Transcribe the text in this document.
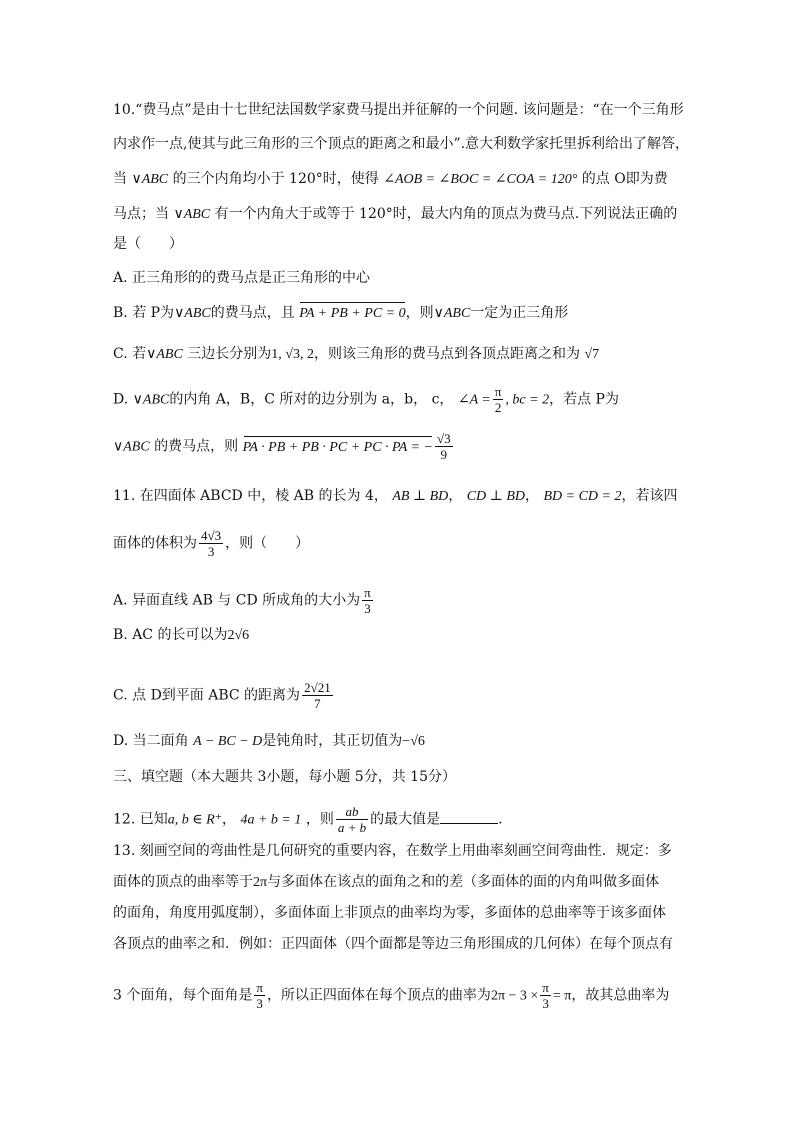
10.“费马点”是由十七世纪法国数学家费马提出并征解的一个问题. 该问题是：“在一个三角形
内求作一点,使其与此三角形的三个顶点的距离之和最小”.意大利数学家托里拆利给出了解答，
当 ∨ABC 的三个内角均小于 120°时，使得 ∠AOB = ∠BOC = ∠COA = 120° 的点 O即为费
马点；当 ∨ABC 有一个内角大于或等于 120°时，最大内角的顶点为费马点.下列说法正确的
是（　　）
A. 正三角形的的费马点是正三角形的中心
B. 若 P为∨ABC的费马点，且 PA + PB + PC = 0，则∨ABC一定为正三角形
C. 若∨ABC 三边长分别为1, √3, 2，则该三角形的费马点到各顶点距离之和为 √7
D. ∨ABC的内角 A，B，C 所对的边分别为 a，b， c， ∠A = $\frac{\pi}{2}$ , bc = 2，若点 P为
∨ABC 的费马点，则 PA · PB + PB · PC + PC · PA = − $\frac{√3}{9}$
11. 在四面体 ABCD 中，棱 AB 的长为 4， AB ⊥ BD， CD ⊥ BD， BD = CD = 2，若该四
面体的体积为 $\frac{4√3}{3}$ ，则（　　）
A. 异面直线 AB 与 CD 所成角的大小为 $\frac{\pi}{3}$
B. AC 的长可以为2√6
C. 点 D到平面 ABC 的距离为 $\frac{2√21}{7}$
D. 当二面角 A − BC − D是钝角时，其正切值为−√6
三、填空题（本大题共 3小题，每小题 5分，共 15分）
12. 已知a, b ∈ R⁺， 4a + b = 1 ，则 $\frac{ab}{a + b}$ 的最大值是	.
13. 刻画空间的弯曲性是几何研究的重要内容，在数学上用曲率刻画空间弯曲性．规定：多
面体的顶点的曲率等于2π与多面体在该点的面角之和的差（多面体的面的内角叫做多面体
的面角，角度用弧度制），多面体面上非顶点的曲率均为零，多面体的总曲率等于该多面体
各顶点的曲率之和．例如：正四面体（四个面都是等边三角形围成的几何体）在每个顶点有
3 个面角，每个面角是 $\frac{\pi}{3}$ ，所以正四面体在每个顶点的曲率为$2\pi - 3 \times \frac{\pi}{3} = \pi$，故其总曲率为
